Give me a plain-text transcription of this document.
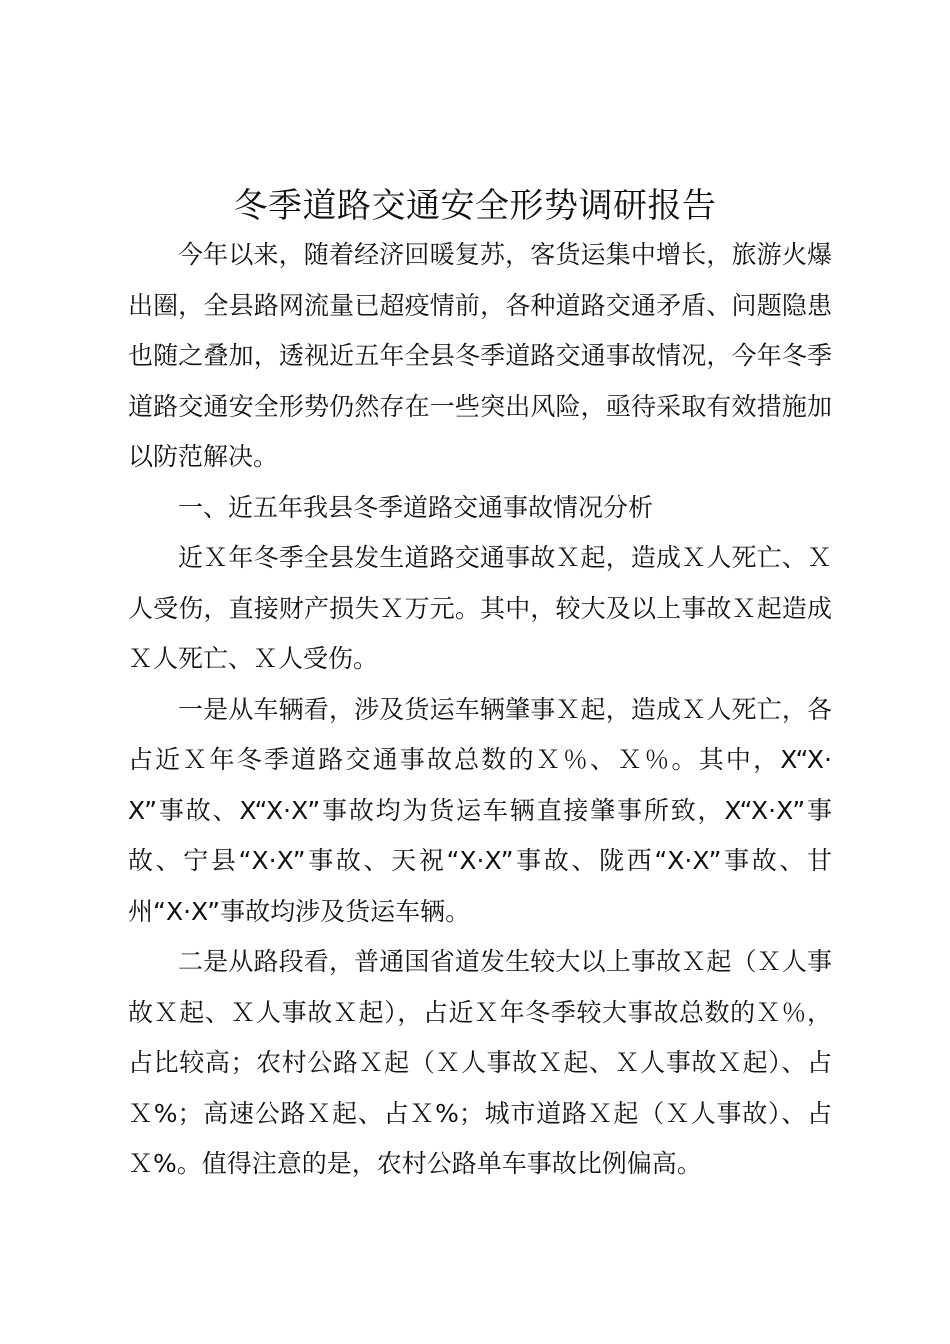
冬季道路交通安全形势调研报告

今年以来，随着经济回暖复苏，客货运集中增长，旅游火爆出圈，全县路网流量已超疫情前，各种道路交通矛盾、问题隐患也随之叠加，透视近五年全县冬季道路交通事故情况，今年冬季道路交通安全形势仍然存在一些突出风险，亟待采取有效措施加以防范解决。

一、近五年我县冬季道路交通事故情况分析

近Ｘ年冬季全县发生道路交通事故Ｘ起，造成Ｘ人死亡、Ｘ人受伤，直接财产损失Ｘ万元。其中，较大及以上事故Ｘ起造成Ｘ人死亡、Ｘ人受伤。

一是从车辆看，涉及货运车辆肇事Ｘ起，造成Ｘ人死亡，各占近Ｘ年冬季道路交通事故总数的Ｘ％、Ｘ％。其中，X“X·X”事故、X“X·X”事故均为货运车辆直接肇事所致，X“X·X”事故、宁县“X·X”事故、天祝“X·X”事故、陇西“X·X”事故、甘州“X·X”事故均涉及货运车辆。

二是从路段看，普通国省道发生较大以上事故Ｘ起（Ｘ人事故Ｘ起、Ｘ人事故Ｘ起），占近Ｘ年冬季较大事故总数的Ｘ％，占比较高；农村公路Ｘ起（Ｘ人事故Ｘ起、Ｘ人事故Ｘ起）、占Ｘ%；高速公路Ｘ起、占Ｘ%；城市道路Ｘ起（Ｘ人事故）、占Ｘ%。值得注意的是，农村公路单车事故比例偏高。
